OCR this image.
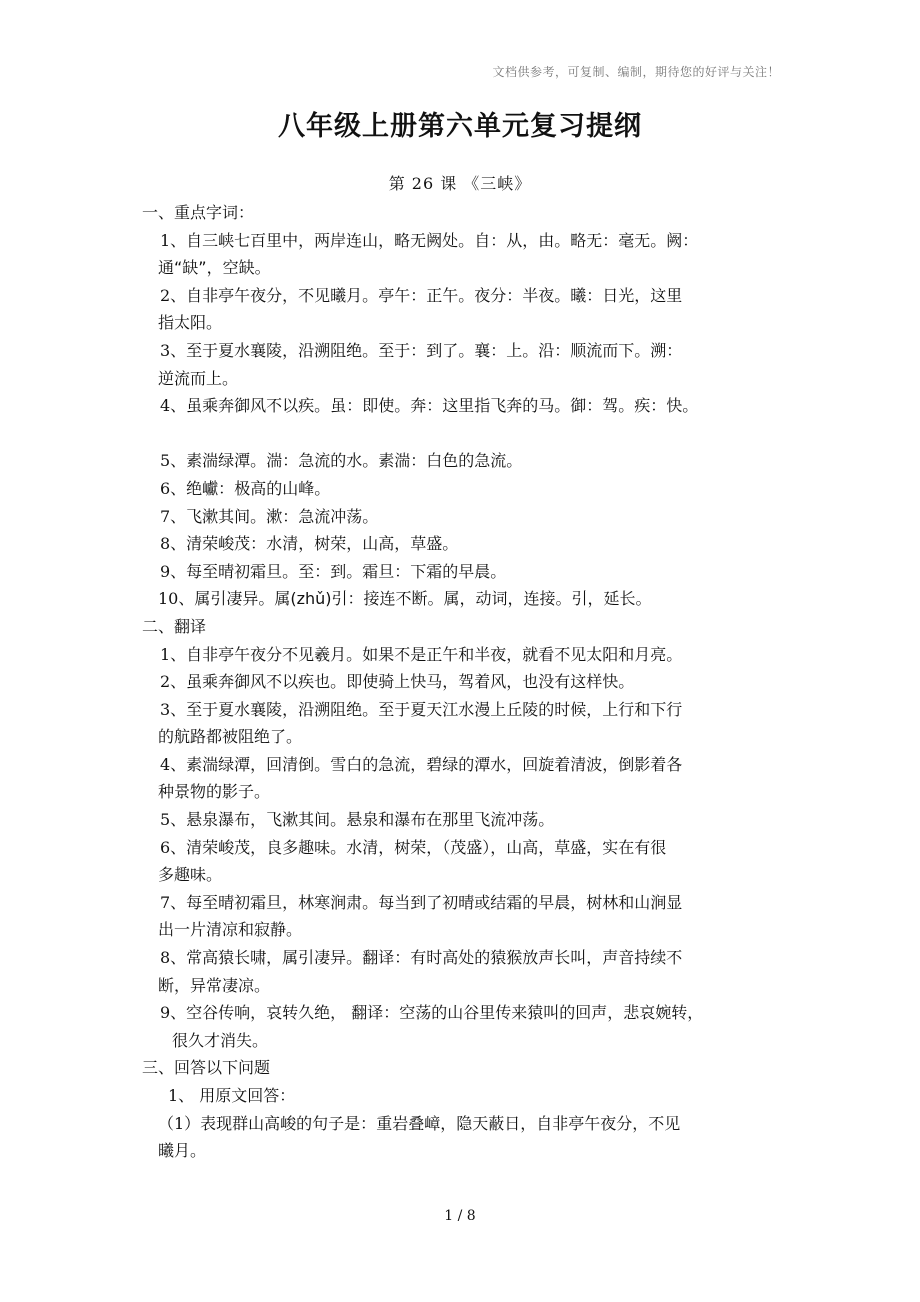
文档供参考，可复制、编制，期待您的好评与关注！
八年级上册第六单元复习提纲
第 26 课 《三峡》
一、重点字词：
1、自三峡七百里中，两岸连山，略无阙处。自：从，由。略无：毫无。阙：
通“缺”，空缺。
2、自非亭午夜分，不见曦月。亭午：正午。夜分：半夜。曦：日光，这里
指太阳。
3、至于夏水襄陵，沿溯阻绝。至于：到了。襄：上。沿：顺流而下。溯：
逆流而上。
4、虽乘奔御风不以疾。虽：即使。奔：这里指飞奔的马。御：驾。疾：快。
5、素湍绿潭。湍：急流的水。素湍：白色的急流。
6、绝巘：极高的山峰。
7、飞漱其间。漱：急流冲荡。
8、清荣峻茂：水清，树荣，山高，草盛。
9、每至晴初霜旦。至：到。霜旦：下霜的早晨。
10、属引凄异。属(zhǔ)引：接连不断。属，动词，连接。引，延长。
二、翻译
1、自非亭午夜分不见羲月。如果不是正午和半夜，就看不见太阳和月亮。
2、虽乘奔御风不以疾也。即使骑上快马，驾着风，也没有这样快。
3、至于夏水襄陵，沿溯阻绝。至于夏天江水漫上丘陵的时候，上行和下行
的航路都被阻绝了。
4、素湍绿潭，回清倒。雪白的急流，碧绿的潭水，回旋着清波，倒影着各
种景物的影子。
5、悬泉瀑布，飞漱其间。悬泉和瀑布在那里飞流冲荡。
6、清荣峻茂，良多趣味。水清，树荣，（茂盛），山高，草盛，实在有很
多趣味。
7、每至晴初霜旦，林寒涧肃。每当到了初晴或结霜的早晨，树林和山涧显
出一片清凉和寂静。
8、常高猿长啸，属引凄异。翻译：有时高处的猿猴放声长叫，声音持续不
断，异常凄凉。
9、空谷传响，哀转久绝， 翻译：空荡的山谷里传来猿叫的回声，悲哀婉转，
很久才消失。
三、回答以下问题
1、 用原文回答：
（1）表现群山高峻的句子是：重岩叠嶂，隐天蔽日，自非亭午夜分，不见
曦月。
1 / 8
